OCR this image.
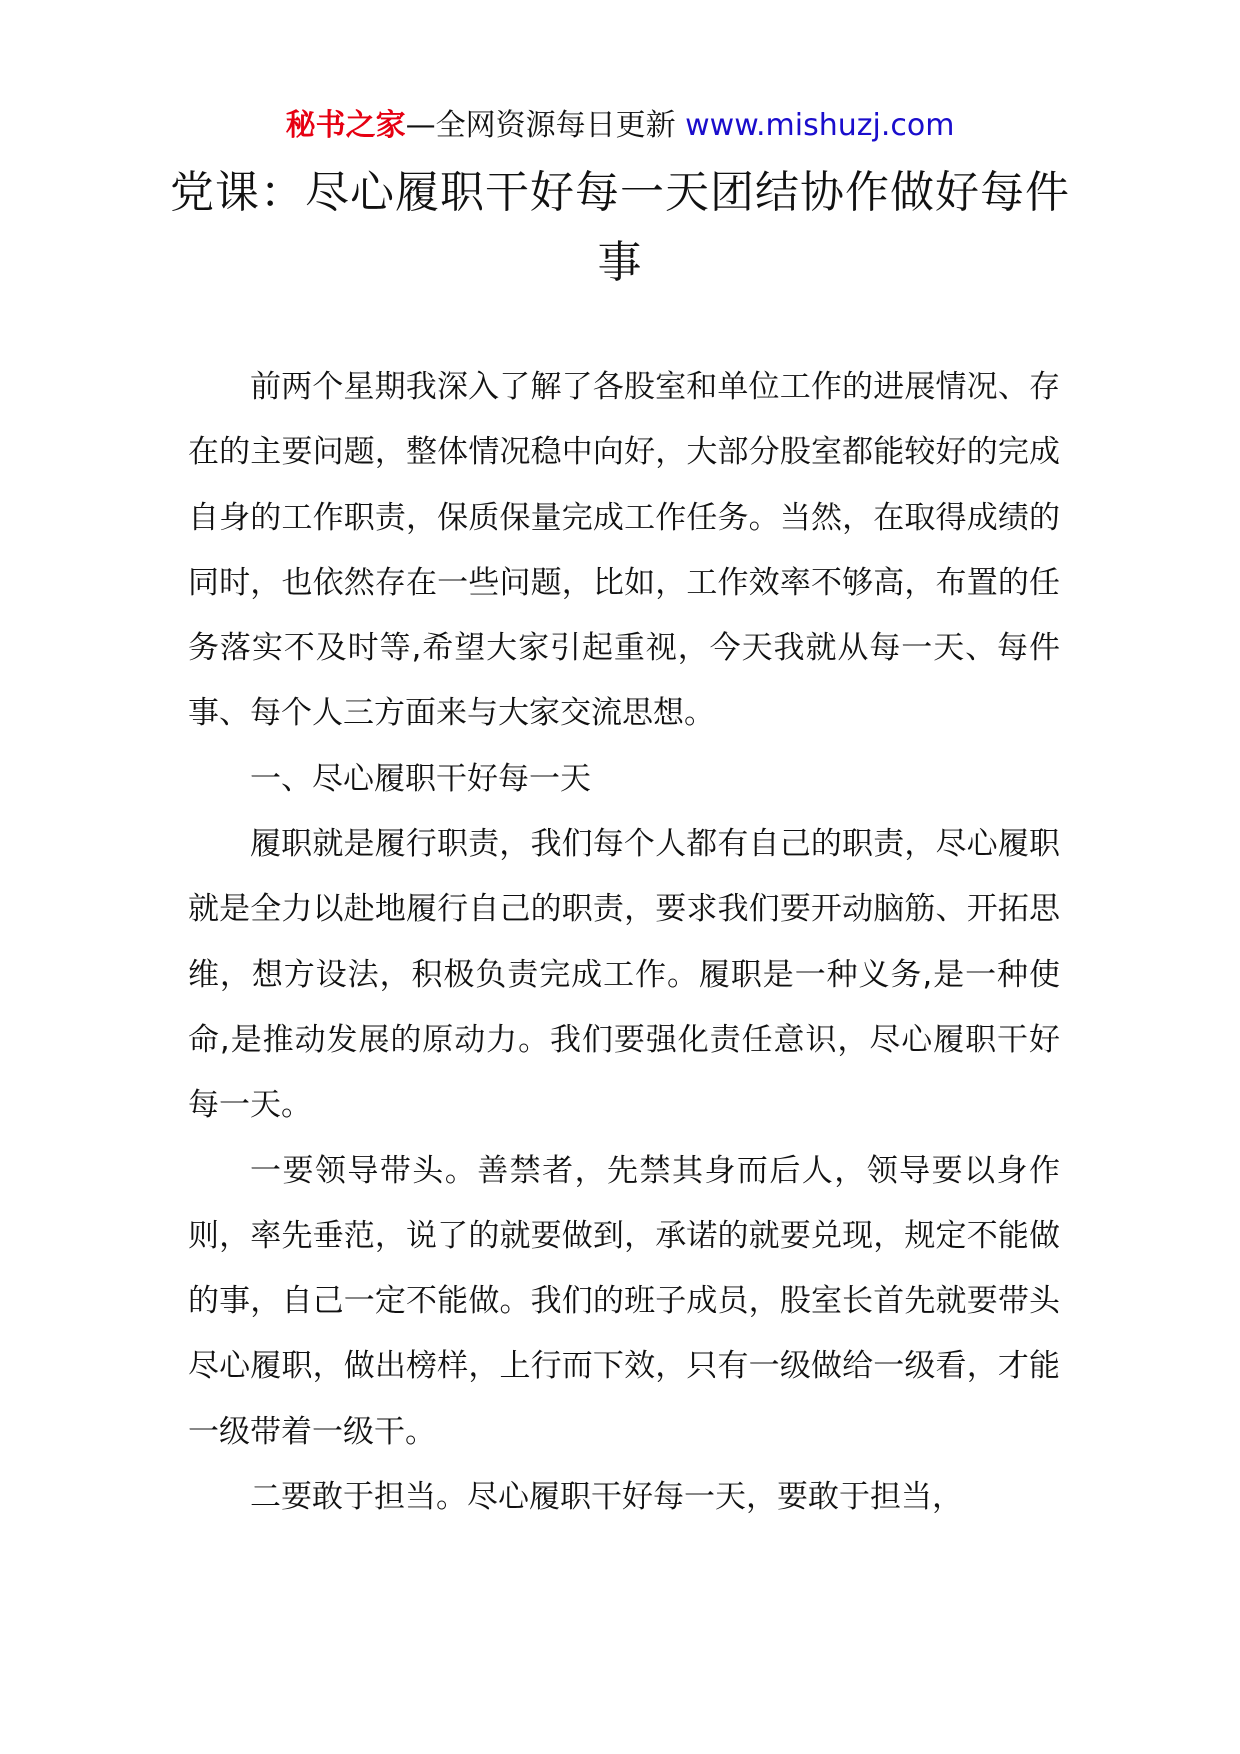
秘书之家—全网资源每日更新 www.mishuzj.com
党课：尽心履职干好每一天团结协作做好每件事

前两个星期我深入了解了各股室和单位工作的进展情况、存在的主要问题，整体情况稳中向好，大部分股室都能较好的完成自身的工作职责，保质保量完成工作任务。当然，在取得成绩的同时，也依然存在一些问题，比如，工作效率不够高，布置的任务落实不及时等,希望大家引起重视，今天我就从每一天、每件事、每个人三方面来与大家交流思想。

一、尽心履职干好每一天

履职就是履行职责，我们每个人都有自己的职责，尽心履职就是全力以赴地履行自己的职责，要求我们要开动脑筋、开拓思维，想方设法，积极负责完成工作。履职是一种义务,是一种使命,是推动发展的原动力。我们要强化责任意识，尽心履职干好每一天。

一要领导带头。善禁者，先禁其身而后人，领导要以身作则，率先垂范，说了的就要做到，承诺的就要兑现，规定不能做的事，自己一定不能做。我们的班子成员，股室长首先就要带头尽心履职，做出榜样，上行而下效，只有一级做给一级看，才能一级带着一级干。

二要敢于担当。尽心履职干好每一天，要敢于担当，
